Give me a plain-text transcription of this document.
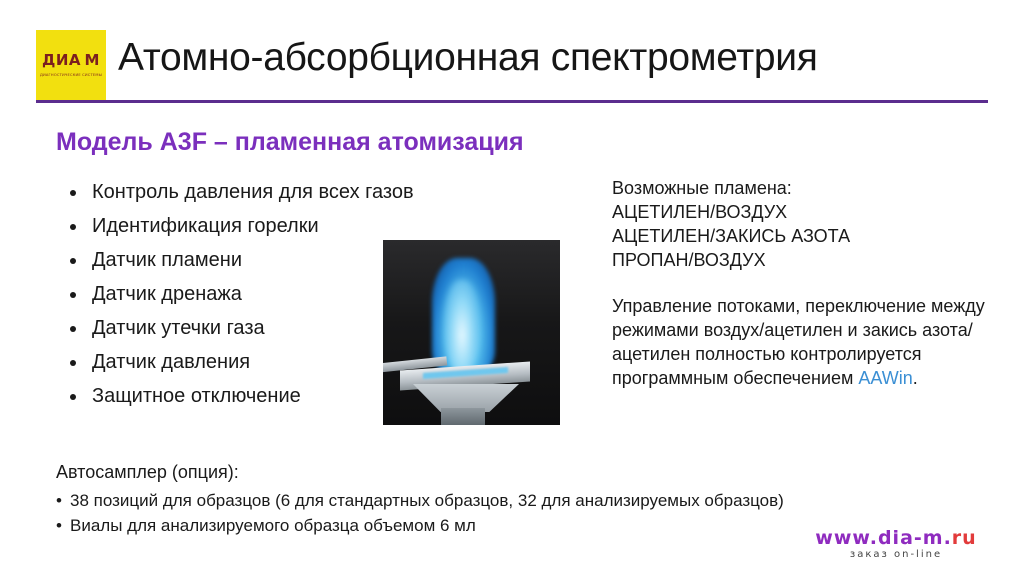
ДИА М
ДИАГНОСТИЧЕСКИЕ СИСТЕМЫ Атомно-абсорбционная спектрометрия
Модель A3F – пламенная атомизация
Контроль давления для всех газов
Идентификация горелки
Датчик пламени
Датчик дренажа
Датчик утечки газа
Датчик давления
Защитное отключение

Возможные пламена:

АЦЕТИЛЕН/ВОЗДУХ
АЦЕТИЛЕН/ЗАКИСЬ АЗОТА
ПРОПАН/ВОЗДУХ

Управление потоками, переключение между режимами воздух/ацетилен и закись азота/ацетилен полностью контролируется программным обеспечением AAWin.

Автосамплер (опция):

• 38 позиций для образцов (6 для стандартных образцов, 32 для анализируемых образцов)
• Виалы для анализируемого образца объемом 6 мл
www.dia-m.ru
заказ on-line
